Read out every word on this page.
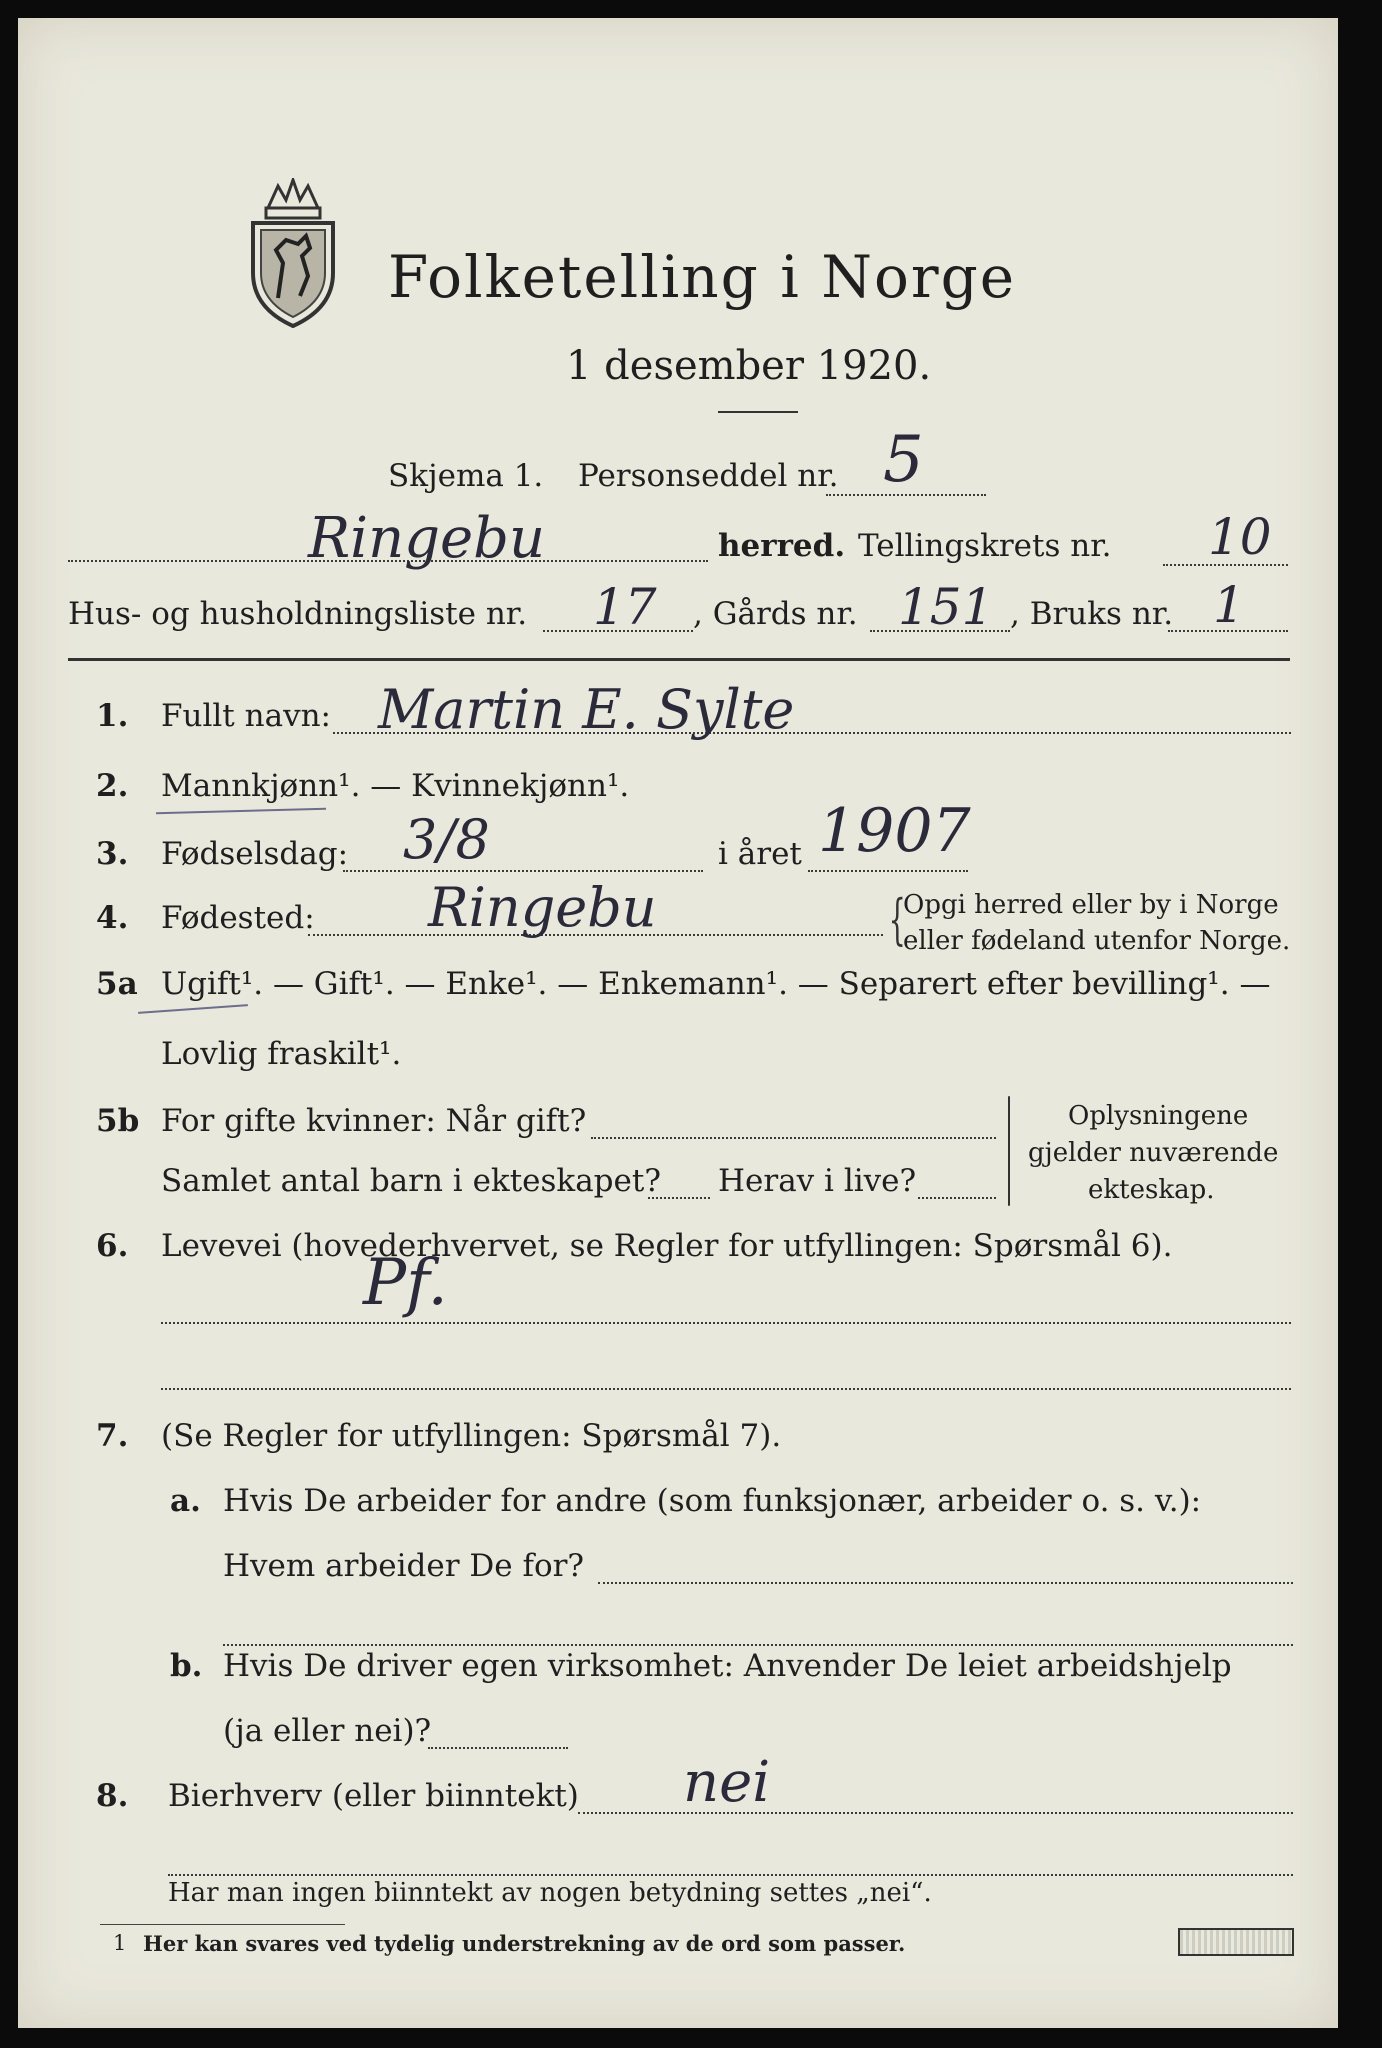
Folketelling i Norge
1 desember 1920.
Skjema 1. Personseddel nr. 5
Ringebu	herred. Tellingskrets nr. 10
Hus- og husholdningsliste nr. 17 , Gårds nr. 151 , Bruks nr. 1
1. Fullt navn: Martin E. Sylte
2. Mannkjønn¹. — Kvinnekjønn¹.
3. Fødselsdag: 3/8	i året 1907
4. Fødested: Ringebu	{
Opgi herred eller by i Norge
eller fødeland utenfor Norge.
5a Ugift¹. — Gift¹. — Enke¹. — Enkemann¹. — Separert efter bevilling¹. —
Lovlig fraskilt¹.
5b For gifte kvinner: Når gift?
Samlet antal barn i ekteskapet? Herav i live?
Oplysningene
gjelder nuværende
ekteskap.
6. Levevei (hovederhvervet, se Regler for utfyllingen: Spørsmål 6).
Pf.
7. (Se Regler for utfyllingen: Spørsmål 7).
a. Hvis De arbeider for andre (som funksjonær, arbeider o. s. v.):
Hvem arbeider De for?
b. Hvis De driver egen virksomhet: Anvender De leiet arbeidshjelp
(ja eller nei)?
8. Bierhverv (eller biinntekt) nei
Har man ingen biinntekt av nogen betydning settes „nei“.
1 Her kan svares ved tydelig understrekning av de ord som passer.
